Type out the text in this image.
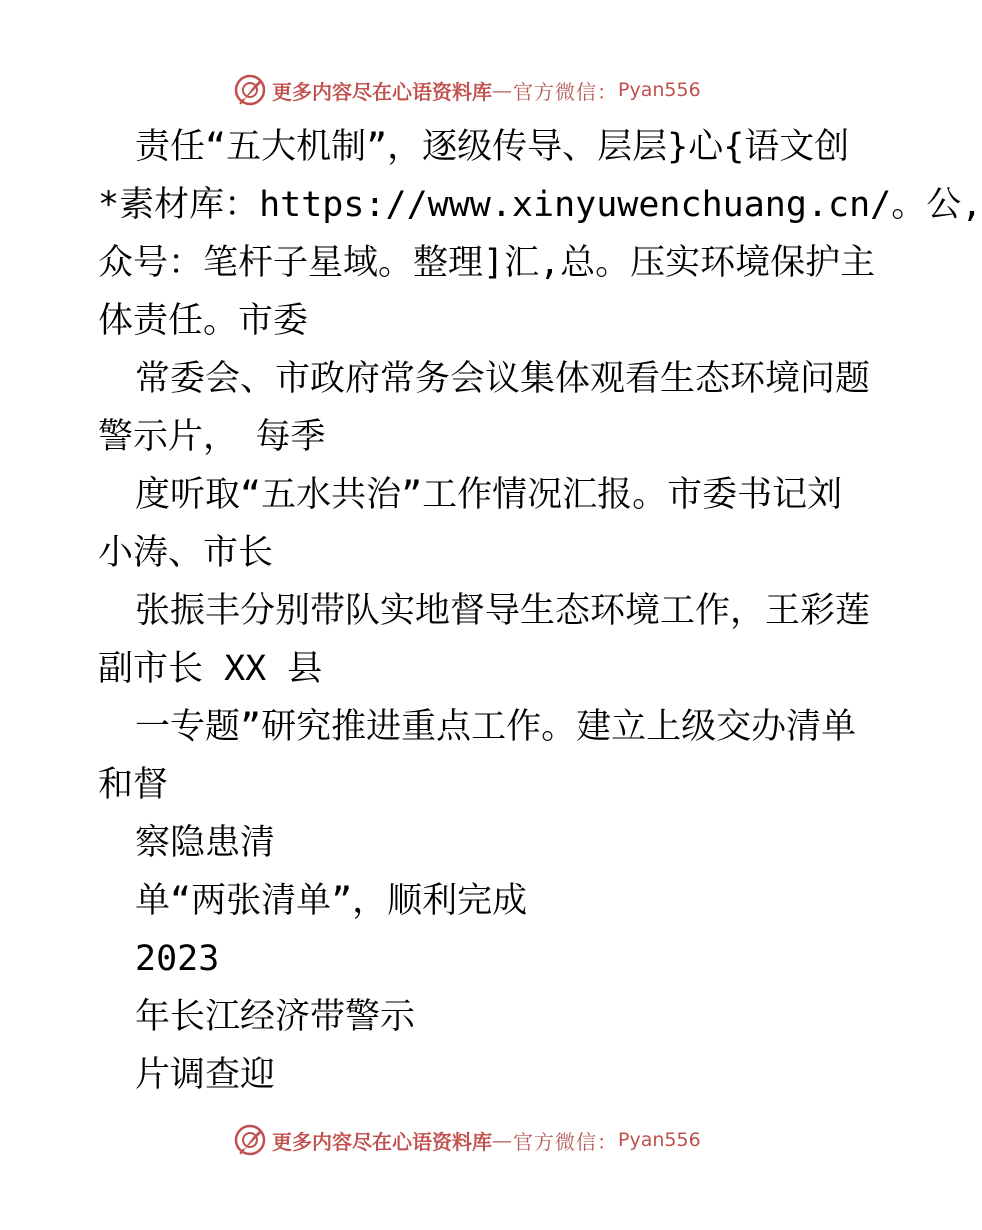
更多内容尽在心语资料库 — 官方微信： Pyan556
责任“五大机制”，逐级传导、层层}心{语文创
*素材库：https://www.xinyuwenchuang.cn/。公,
众号：笔杆子星域。整理]汇,总。压实环境保护主
体责任。市委
常委会、市政府常务会议集体观看生态环境问题
警示片，　每季
度听取“五水共治”工作情况汇报。市委书记刘
小涛、市长
张振丰分别带队实地督导生态环境工作，王彩莲
副市长 XX 县
一专题”研究推进重点工作。建立上级交办清单
和督
察隐患清
单“两张清单”，顺利完成
2023
年长江经济带警示
片调查迎
更多内容尽在心语资料库 — 官方微信： Pyan556
